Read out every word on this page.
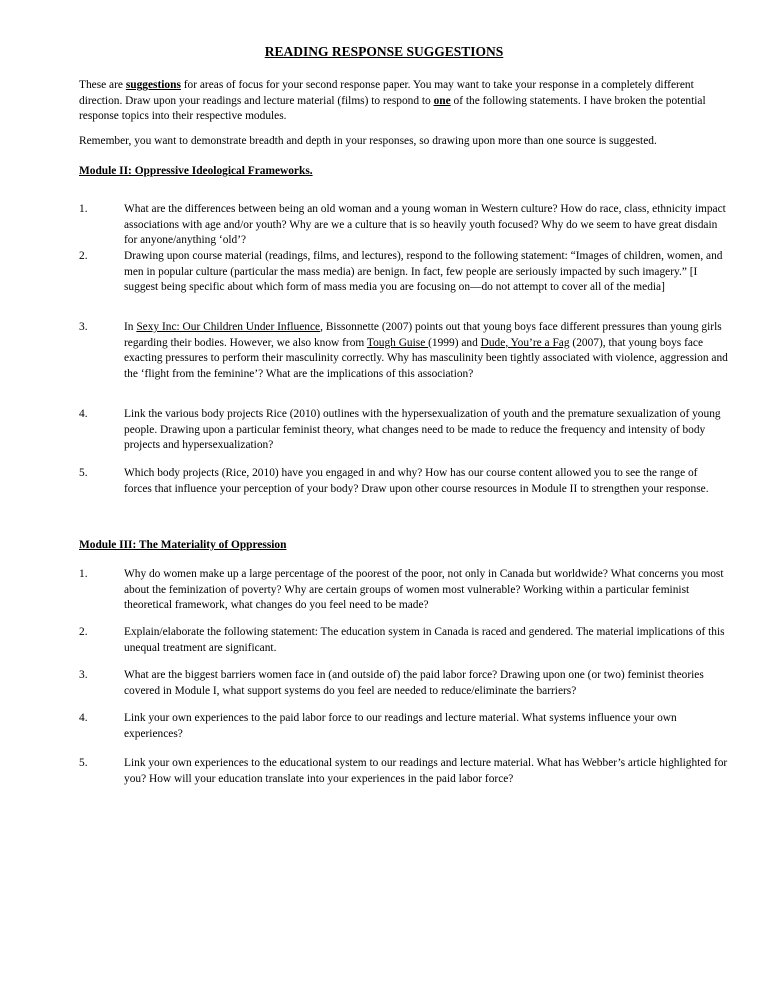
READING RESPONSE SUGGESTIONS
These are suggestions for areas of focus for your second response paper. You may want to take your response in a completely different direction. Draw upon your readings and lecture material (films) to respond to one of the following statements. I have broken the potential response topics into their respective modules.
Remember, you want to demonstrate breadth and depth in your responses, so drawing upon more than one source is suggested.
Module II: Oppressive Ideological Frameworks.
1.	What are the differences between being an old woman and a young woman in Western culture? How do race, class, ethnicity impact associations with age and/or youth? Why are we a culture that is so heavily youth focused? Why do we seem to have great disdain for anyone/anything ‘old’?
2.	Drawing upon course material (readings, films, and lectures), respond to the following statement: “Images of children, women, and men in popular culture (particular the mass media) are benign. In fact, few people are seriously impacted by such imagery.” [I suggest being specific about which form of mass media you are focusing on—do not attempt to cover all of the media]
3.	In Sexy Inc: Our Children Under Influence, Bissonnette (2007) points out that young boys face different pressures than young girls regarding their bodies. However, we also know from Tough Guise (1999) and Dude, You’re a Fag (2007), that young boys face exacting pressures to perform their masculinity correctly. Why has masculinity been tightly associated with violence, aggression and the ‘flight from the feminine’? What are the implications of this association?
4.	Link the various body projects Rice (2010) outlines with the hypersexualization of youth and the premature sexualization of young people. Drawing upon a particular feminist theory, what changes need to be made to reduce the frequency and intensity of body projects and hypersexualization?
5.	Which body projects (Rice, 2010) have you engaged in and why? How has our course content allowed you to see the range of forces that influence your perception of your body? Draw upon other course resources in Module II to strengthen your response.
Module III: The Materiality of Oppression
1.	Why do women make up a large percentage of the poorest of the poor, not only in Canada but worldwide? What concerns you most about the feminization of poverty? Why are certain groups of women most vulnerable? Working within a particular feminist theoretical framework, what changes do you feel need to be made?
2.	Explain/elaborate the following statement: The education system in Canada is raced and gendered. The material implications of this unequal treatment are significant.
3.	What are the biggest barriers women face in (and outside of) the paid labor force? Drawing upon one (or two) feminist theories covered in Module I, what support systems do you feel are needed to reduce/eliminate the barriers?
4.	Link your own experiences to the paid labor force to our readings and lecture material. What systems influence your own experiences?
5.	Link your own experiences to the educational system to our readings and lecture material. What has Webber’s article highlighted for you? How will your education translate into your experiences in the paid labor force?
